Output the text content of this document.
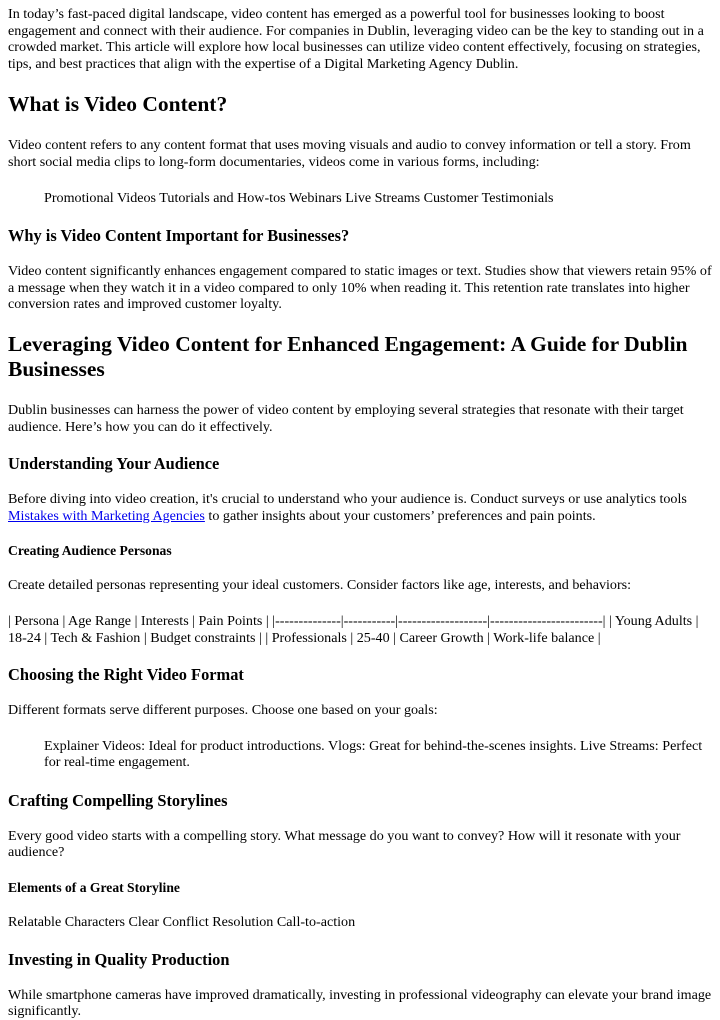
In today’s fast-paced digital landscape, video content has emerged as a powerful tool for businesses looking to boost engagement and connect with their audience. For companies in Dublin, leveraging video can be the key to standing out in a crowded market. This article will explore how local businesses can utilize video content effectively, focusing on strategies, tips, and best practices that align with the expertise of a Digital Marketing Agency Dublin.

What is Video Content?

Video content refers to any content format that uses moving visuals and audio to convey information or tell a story. From short social media clips to long-form documentaries, videos come in various forms, including:

Promotional Videos Tutorials and How-tos Webinars Live Streams Customer Testimonials
Why is Video Content Important for Businesses?

Video content significantly enhances engagement compared to static images or text. Studies show that viewers retain 95% of a message when they watch it in a video compared to only 10% when reading it. This retention rate translates into higher conversion rates and improved customer loyalty.

Leveraging Video Content for Enhanced Engagement: A Guide for Dublin Businesses

Dublin businesses can harness the power of video content by employing several strategies that resonate with their target audience. Here’s how you can do it effectively.

Understanding Your Audience

Before diving into video creation, it's crucial to understand who your audience is. Conduct surveys or use analytics tools Mistakes with Marketing Agencies to gather insights about your customers’ preferences and pain points.

Creating Audience Personas

Create detailed personas representing your ideal customers. Consider factors like age, interests, and behaviors:

| Persona | Age Range | Interests | Pain Points | |--------------|-----------|-------------------|------------------------| | Young Adults | 18-24 | Tech & Fashion | Budget constraints | | Professionals | 25-40 | Career Growth | Work-life balance |

Choosing the Right Video Format

Different formats serve different purposes. Choose one based on your goals:

Explainer Videos: Ideal for product introductions. Vlogs: Great for behind-the-scenes insights. Live Streams: Perfect for real-time engagement.
Crafting Compelling Storylines

Every good video starts with a compelling story. What message do you want to convey? How will it resonate with your audience?

Elements of a Great Storyline

Relatable Characters Clear Conflict Resolution Call-to-action

Investing in Quality Production

While smartphone cameras have improved dramatically, investing in professional videography can elevate your brand image significantly.
